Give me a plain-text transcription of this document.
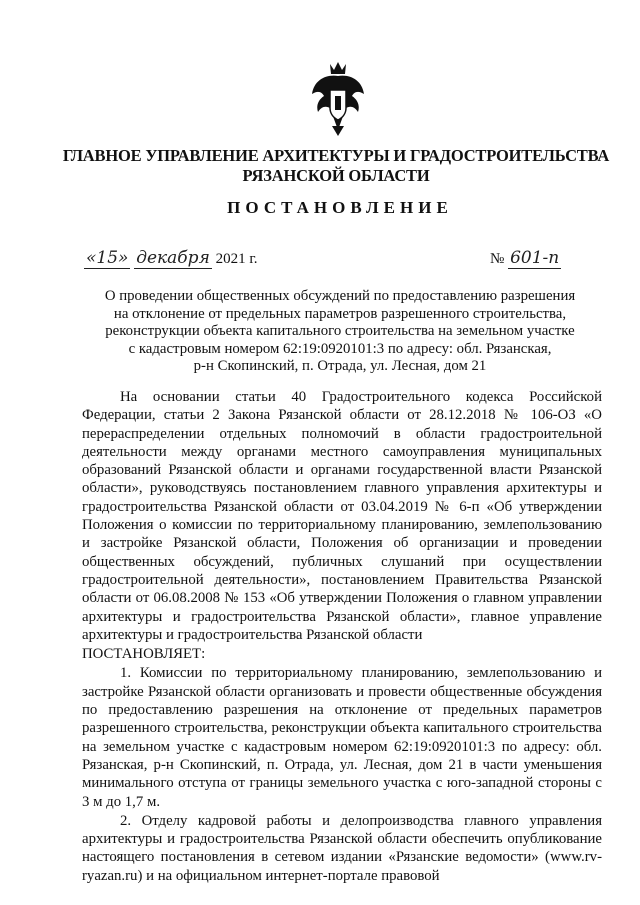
ГЛАВНОЕ УПРАВЛЕНИЕ АРХИТЕКТУРЫ И ГРАДОСТРОИТЕЛЬСТВА
РЯЗАНСКОЙ ОБЛАСТИ
ПОСТАНОВЛЕНИЕ
«15» декабря 2021 г.	№ 601-п
О проведении общественных обсуждений по предоставлению разрешения
на отклонение от предельных параметров разрешенного строительства,
реконструкции объекта капитального строительства на земельном участке
с кадастровым номером 62:19:0920101:3 по адресу: обл. Рязанская,
р-н Скопинский, п. Отрада, ул. Лесная, дом 21

На основании статьи 40 Градостроительного кодекса Российской Федерации, статьи 2 Закона Рязанской области от 28.12.2018 № 106-ОЗ «О перераспределении отдельных полномочий в области градостроительной деятельности между органами местного самоуправления муниципальных образований Рязанской области и органами государственной власти Рязанской области», руководствуясь постановлением главного управления архитектуры и градостроительства Рязанской области от 03.04.2019 № 6-п «Об утверждении Положения о комиссии по территориальному планированию, землепользованию и застройке Рязанской области, Положения об организации и проведении общественных обсуждений, публичных слушаний при осуществлении градостроительной деятельности», постановлением Правительства Рязанской области от 06.08.2008 № 153 «Об утверждении Положения о главном управлении архитектуры и градостроительства Рязанской области», главное управление архитектуры и градостроительства Рязанской области

ПОСТАНОВЛЯЕТ:

1. Комиссии по территориальному планированию, землепользованию и застройке Рязанской области организовать и провести общественные обсуждения по предоставлению разрешения на отклонение от предельных параметров разрешенного строительства, реконструкции объекта капитального строительства на земельном участке с кадастровым номером 62:19:0920101:3 по адресу: обл. Рязанская, р-н Скопинский, п. Отрада, ул. Лесная, дом 21 в части уменьшения минимального отступа от границы земельного участка с юго-западной стороны с 3 м до 1,7 м.

2. Отделу кадровой работы и делопроизводства главного управления архитектуры и градостроительства Рязанской области обеспечить опубликование настоящего постановления в сетевом издании «Рязанские ведомости» (www.rv-ryazan.ru) и на официальном интернет-портале правовой
